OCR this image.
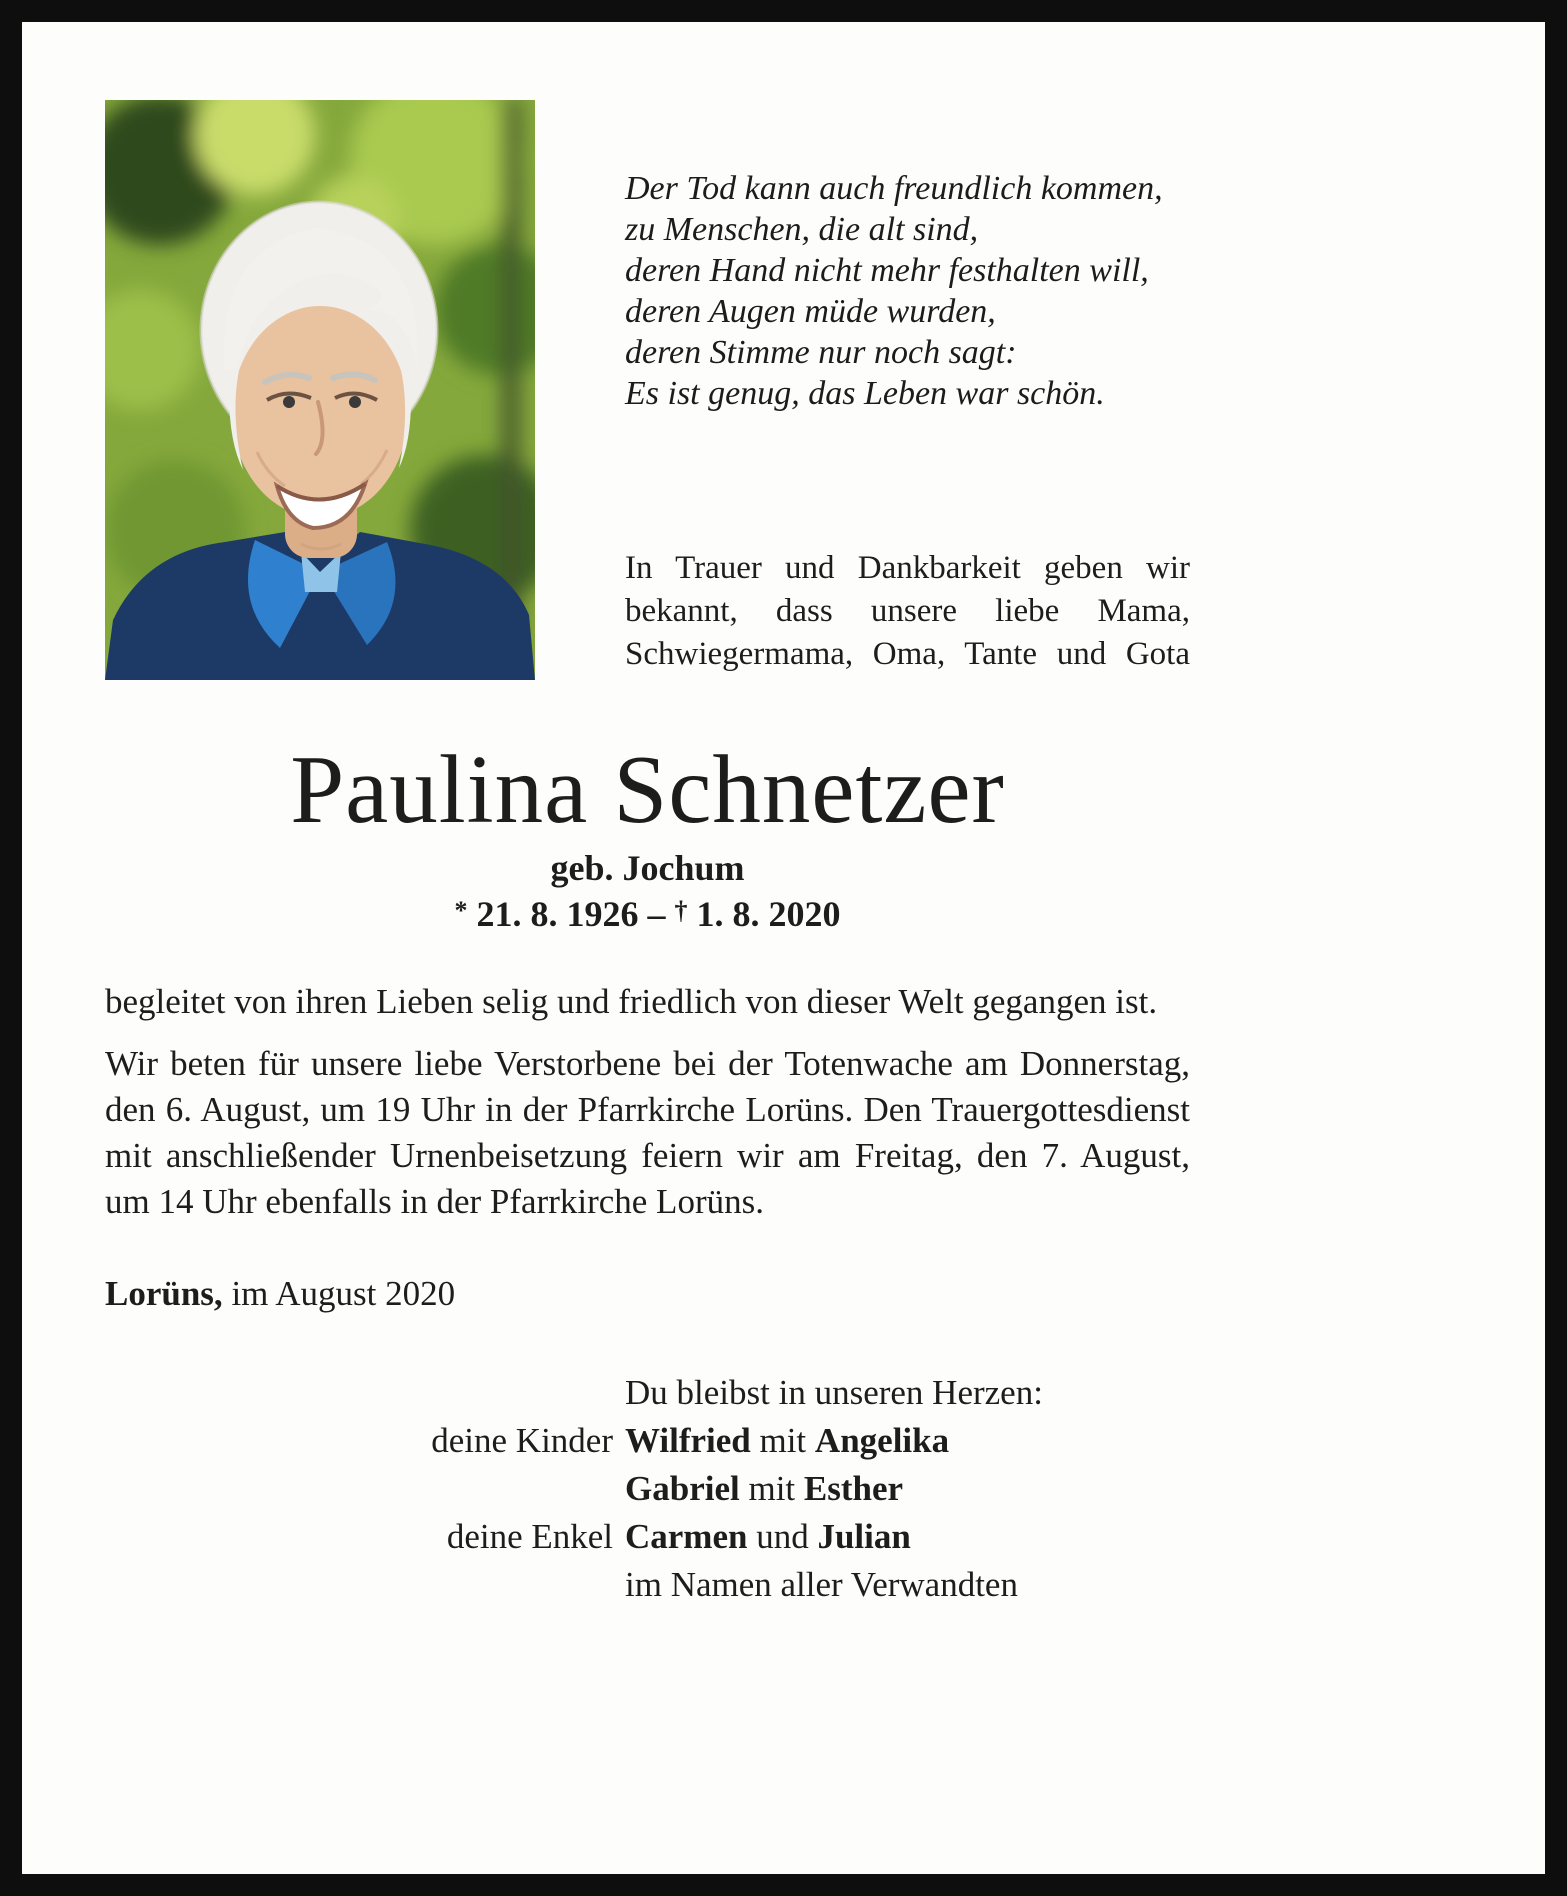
Der Tod kann auch freundlich kommen,
zu Menschen, die alt sind,
deren Hand nicht mehr festhalten will,
deren Augen müde wurden,
deren Stimme nur noch sagt:
Es ist genug, das Leben war schön.
In Trauer und Dankbarkeit geben wir bekannt, dass unsere liebe Mama, Schwiegermama, Oma, Tante und Gota
Paulina Schnetzer
geb. Jochum
* 21. 8. 1926 – † 1. 8. 2020

begleitet von ihren Lieben selig und friedlich von dieser Welt gegangen ist.

Wir beten für unsere liebe Verstorbene bei der Totenwache am Donnerstag, den 6. August, um 19 Uhr in der Pfarrkirche Lorüns. Den Trauergottesdienst mit anschließender Urnenbeisetzung feiern wir am Freitag, den 7. August, um 14 Uhr ebenfalls in der Pfarrkirche Lorüns.

Lorüns, im August 2020

Du bleibst in unseren Herzen:
deine Kinder Wilfried mit Angelika
Gabriel mit Esther
deine Enkel Carmen und Julian
im Namen aller Verwandten
